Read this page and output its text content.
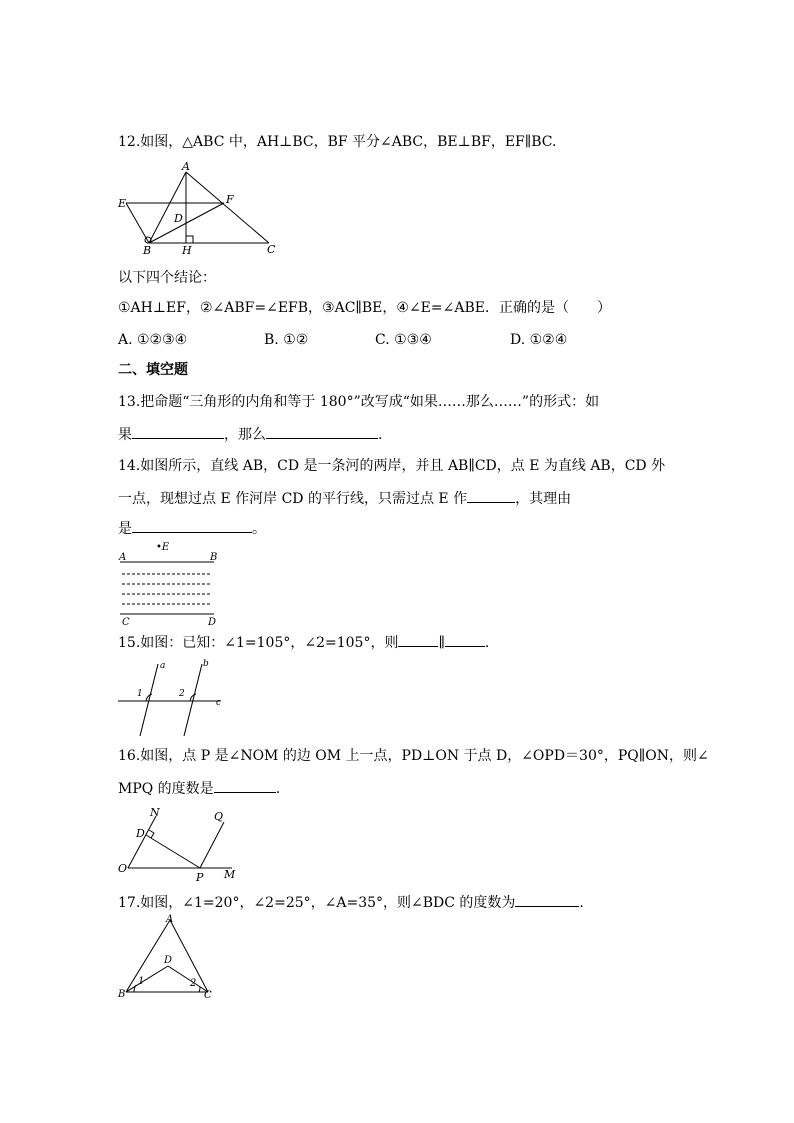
12.如图，△ABC 中，AH⊥BC，BF 平分∠ABC，BE⊥BF，EF∥BC.
A
E	F
D
B	H	C
以下四个结论：
①AH⊥EF，②∠ABF=∠EFB，③AC∥BE，④∠E=∠ABE．正确的是（　　）
A. ①②③④	B. ①②	C. ①③④	D. ①②④
二、填空题
13.把命题“三角形的内角和等于 180°”改写成“如果……那么……”的形式：如
果	，那么	.
14.如图所示，直线 AB，CD 是一条河的两岸，并且 AB∥CD，点 E 为直线 AB，CD 外
一点，现想过点 E 作河岸 CD 的平行线，只需过点 E 作	，其理由
是	。
•E
A	B
C	D
15.如图：已知：∠1=105°，∠2=105°，则	∥	.
a	b
c
1	2
16.如图，点 P 是∠NOM 的边 OM 上一点，PD⊥ON 于点 D，∠OPD＝30°，PQ∥ON，则∠
MPQ 的度数是	.
N	Q
D
O
P M
17.如图，∠1=20°，∠2=25°，∠A=35°，则∠BDC 的度数为	.
A
D
B	C
1	2
